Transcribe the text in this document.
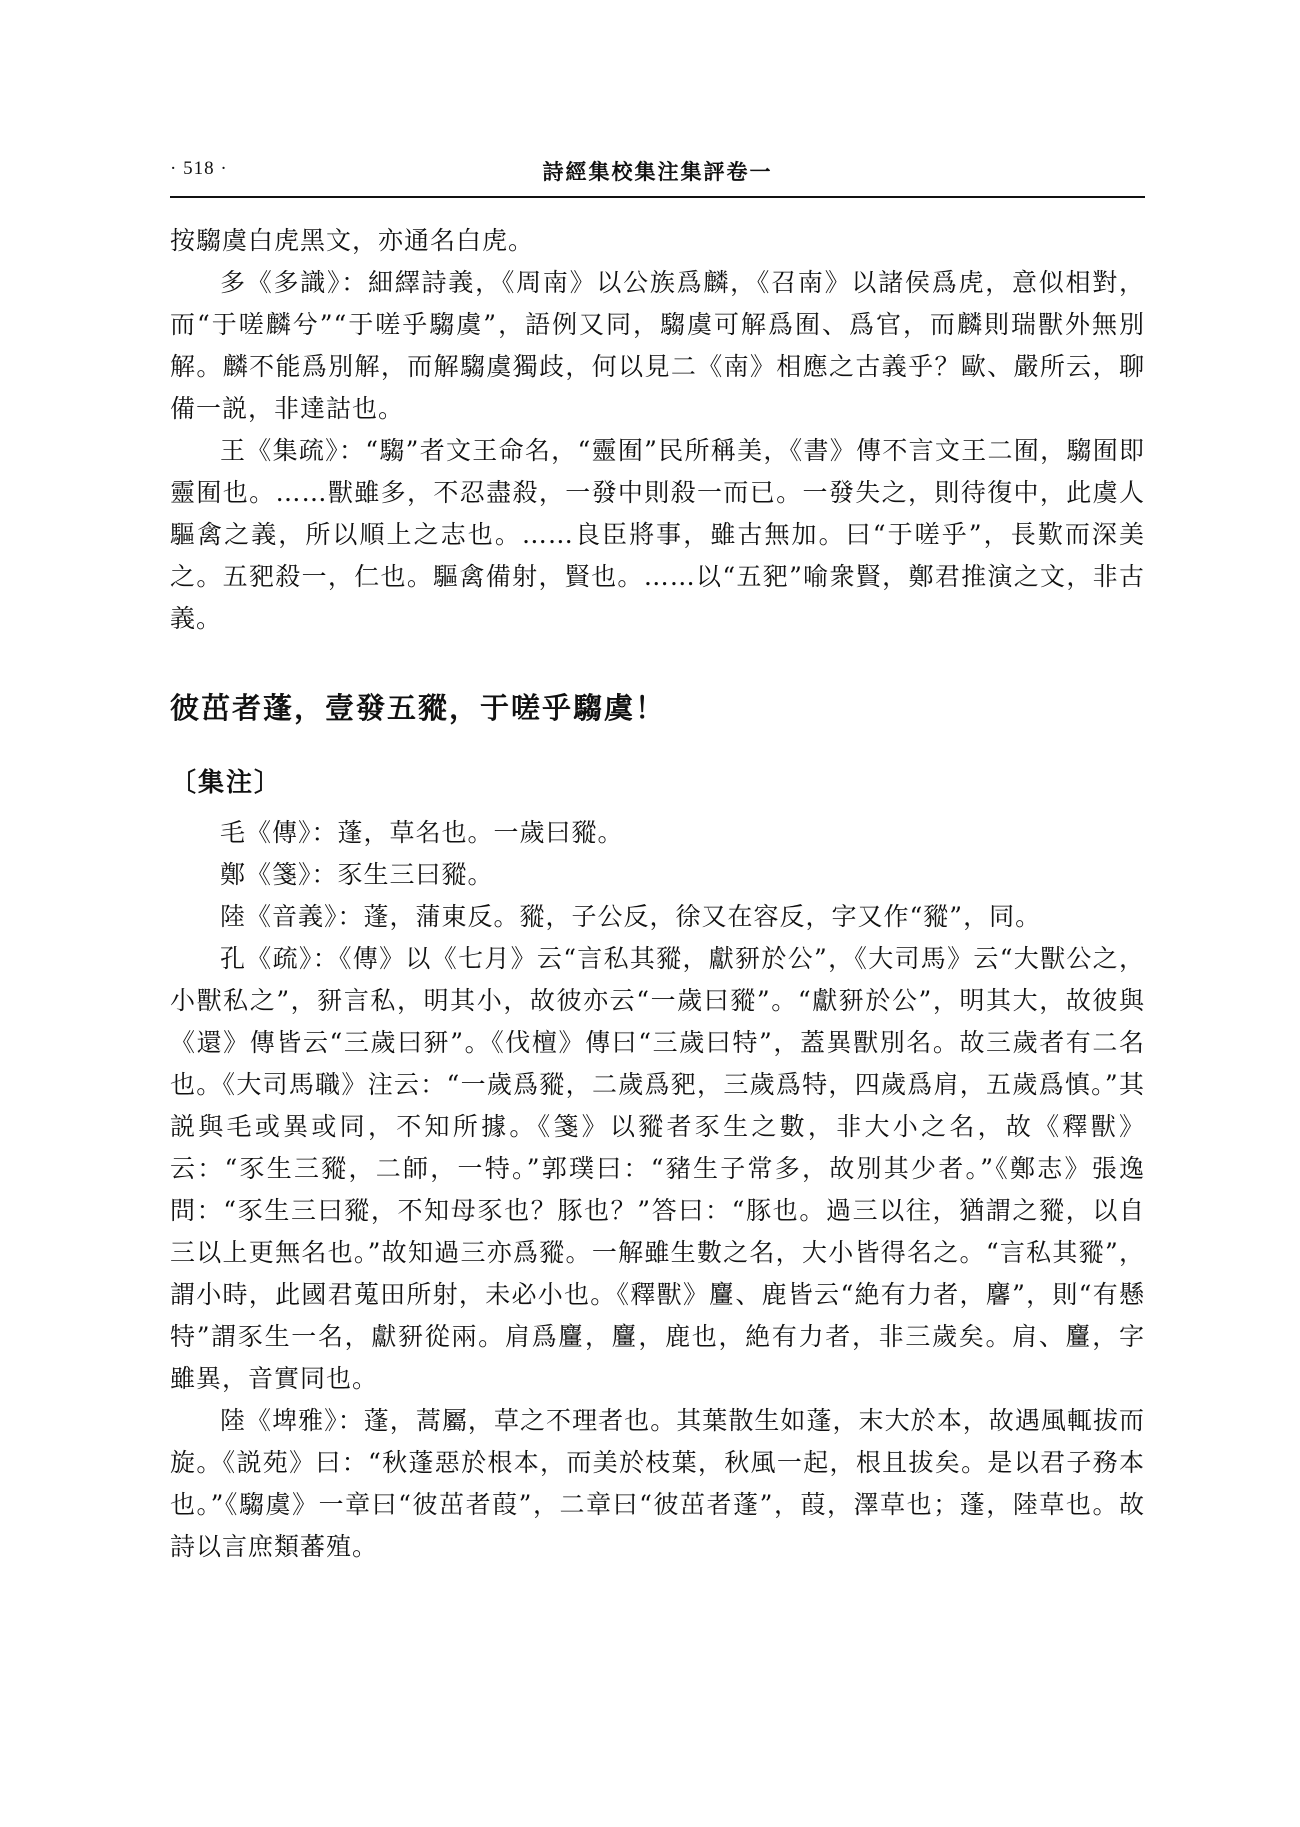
· 518 ·	詩經集校集注集評卷一

按騶虞白虎黑文，亦通名白虎。

多《多識》：細繹詩義，《周南》以公族爲麟，《召南》以諸侯爲虎，意似相對，而“于嗟麟兮”“于嗟乎騶虞”，語例又同，騶虞可解爲囿、爲官，而麟則瑞獸外無別解。麟不能爲別解，而解騶虞獨歧，何以見二《南》相應之古義乎？歐、嚴所云，聊備一説，非達詁也。

王《集疏》：“騶”者文王命名，“靈囿”民所稱美，《書》傳不言文王二囿，騶囿即靈囿也。……獸雖多，不忍盡殺，一發中則殺一而已。一發失之，則待復中，此虞人驅禽之義，所以順上之志也。……良臣將事，雖古無加。曰“于嗟乎”，長歎而深美之。五豝殺一，仁也。驅禽備射，賢也。……以“五豝”喻衆賢，鄭君推演之文，非古義。

彼茁者蓬，壹發五豵，于嗟乎騶虞！

〔集注〕

毛《傳》：蓬，草名也。一歲曰豵。

鄭《箋》：豕生三曰豵。

陸《音義》：蓬，蒲東反。豵，子公反，徐又在容反，字又作“豵”，同。

孔《疏》：《傳》以《七月》云“言私其豵，獻豜於公”，《大司馬》云“大獸公之，小獸私之”，豜言私，明其小，故彼亦云“一歲曰豵”。“獻豜於公”，明其大，故彼與《還》傳皆云“三歲曰豜”。《伐檀》傳曰“三歲曰特”，蓋異獸別名。故三歲者有二名也。《大司馬職》注云：“一歲爲豵，二歲爲豝，三歲爲特，四歲爲肩，五歲爲慎。”其説與毛或異或同，不知所據。《箋》以豵者豕生之數，非大小之名，故《釋獸》云：“豕生三豵，二師，一特。”郭璞曰：“豬生子常多，故別其少者。”《鄭志》張逸問：“豕生三曰豵，不知母豕也？豚也？”答曰：“豚也。過三以往，猶謂之豵，以自三以上更無名也。”故知過三亦爲豵。一解雖生數之名，大小皆得名之。“言私其豵”，謂小時，此國君蒐田所射，未必小也。《釋獸》麠、鹿皆云“絶有力者，麘”，則“有懸特”謂豕生一名，獻豜從兩。肩爲麠，麠，鹿也，絶有力者，非三歲矣。肩、麠，字雖異，音實同也。

陸《埤雅》：蓬，蒿屬，草之不理者也。其葉散生如蓬，末大於本，故遇風輒拔而旋。《説苑》曰：“秋蓬惡於根本，而美於枝葉，秋風一起，根且拔矣。是以君子務本也。”《騶虞》一章曰“彼茁者葭”，二章曰“彼茁者蓬”，葭，澤草也；蓬，陸草也。故詩以言庶類蕃殖。
